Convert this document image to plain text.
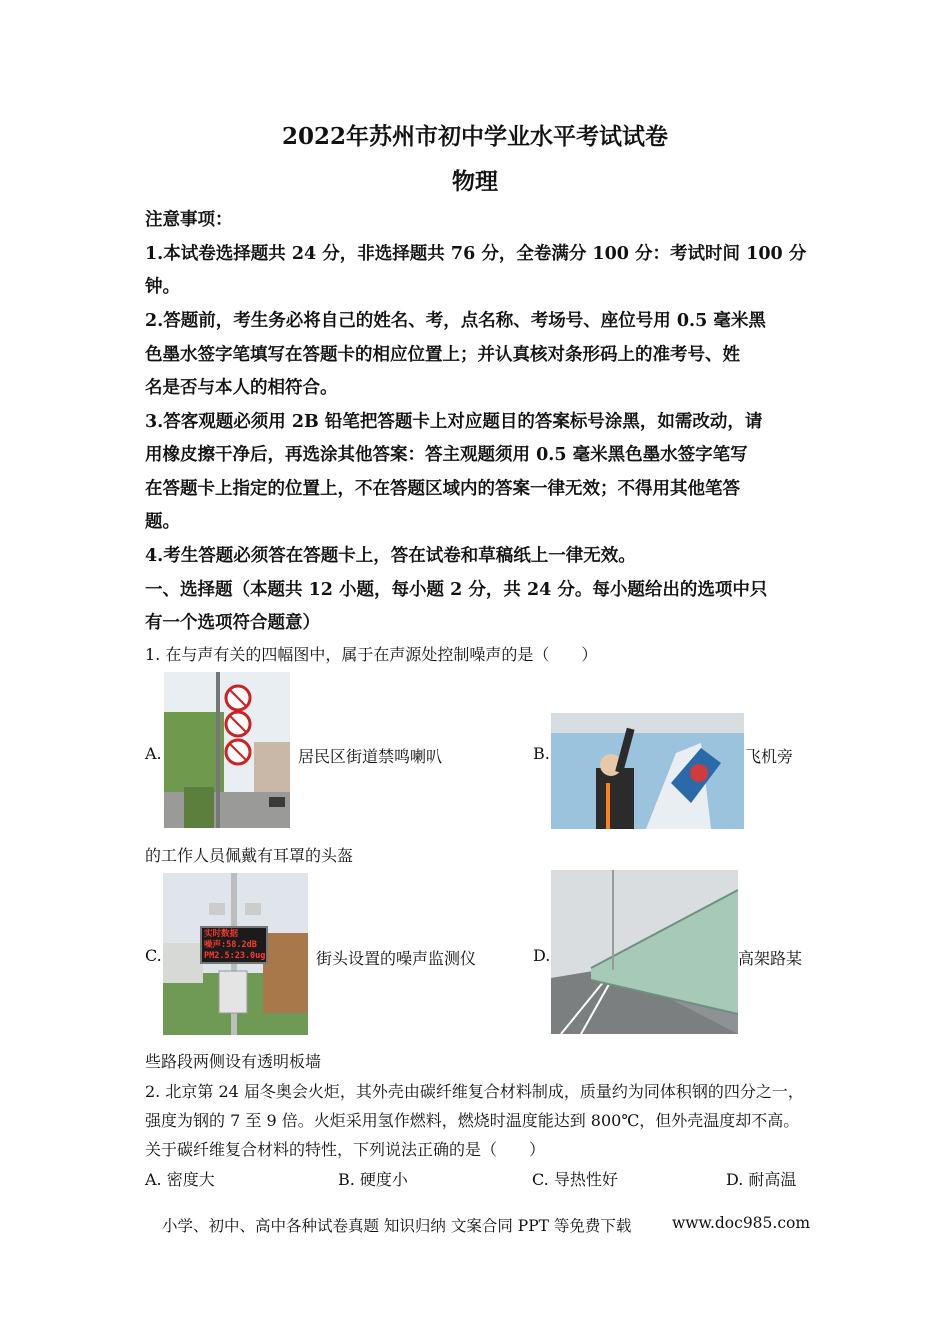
2022年苏州市初中学业水平考试试卷
物理
注意事项：
1.本试卷选择题共 24 分，非选择题共 76 分，全卷满分 100 分：考试时间 100 分
钟。
2.答题前，考生务必将自己的姓名、考，点名称、考场号、座位号用 0.5 毫米黑
色墨水签字笔填写在答题卡的相应位置上；并认真核对条形码上的准考号、姓
名是否与本人的相符合。
3.答客观题必须用 2B 铅笔把答题卡上对应题目的答案标号涂黑，如需改动，请
用橡皮擦干净后，再选涂其他答案：答主观题须用 0.5 毫米黑色墨水签字笔写
在答题卡上指定的位置上，不在答题区域内的答案一律无效；不得用其他笔答
题。
4.考生答题必须答在答题卡上，答在试卷和草稿纸上一律无效。
一、选择题（本题共 12 小题，每小题 2 分，共 24 分。每小题给出的选项中只
有一个选项符合题意）
1. 在与声有关的四幅图中，属于在声源处控制噪声的是（　　）
A.	居民区街道禁鸣喇叭	B.	飞机旁
的工作人员佩戴有耳罩的头盔
C.
实时数据
噪声:58.2dB
PM2.5:23.0ug	街头设置的噪声监测仪	D.	高架路某
些路段两侧设有透明板墙
2. 北京第 24 届冬奥会火炬，其外壳由碳纤维复合材料制成，质量约为同体积钢的四分之一，
强度为钢的 7 至 9 倍。火炬采用氢作燃料，燃烧时温度能达到 800℃，但外壳温度却不高。
关于碳纤维复合材料的特性，下列说法正确的是（　　）
A. 密度大	B. 硬度小	C. 导热性好	D. 耐高温
小学、初中、高中各种试卷真题 知识归纳 文案合同 PPT 等免费下载	www.doc985.com
